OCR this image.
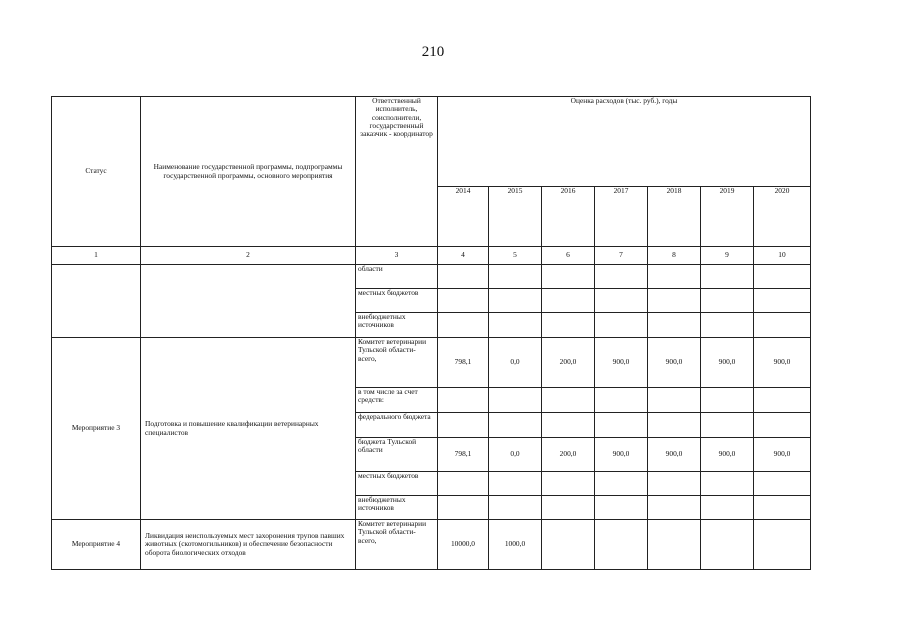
210
Статус	Наименование государственной программы, подпрограммы государственной программы, основного мероприятия	Ответственный исполнитель, соисполнители, государственный заказчик - координатор	Оценка расходов (тыс. руб.), годы						
			2014	2015	2016	2017	2018	2019	2020
1	2	3	4	5	6	7	8	9	10
		области							
		местных бюджетов							
		внебюджетных источников							
Мероприятие 3	Подготовка и повышение квалификации ветеринарных специалистов	Комитет ветеринарии Тульской области- всего,	798,1	0,0	200,0	900,0	900,0	900,0	900,0
		в том числе за счет средств:							
		федерального бюджета							
		бюджета Тульской области	798,1	0,0	200,0	900,0	900,0	900,0	900,0
		местных бюджетов							
		внебюджетных источников							
Мероприятие 4	Ликвидация неиспользуемых мест захоронения трупов павших животных (скотомогильников) и обеспечение безопасности оборота биологических отходов	Комитет ветеринарии Тульской области- всего,	10000,0	1000,0					
